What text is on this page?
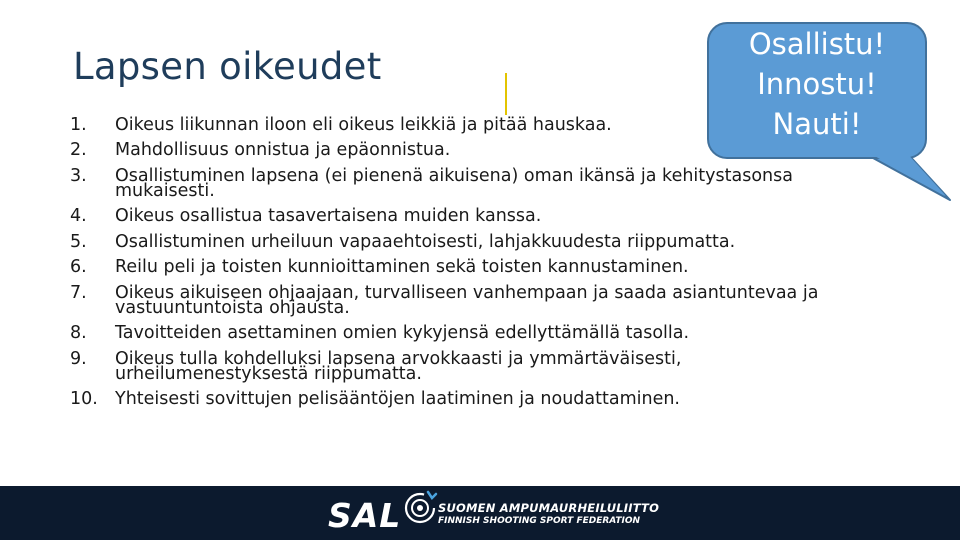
Lapsen oikeudet
Osallistu!
Innostu!
Nauti!
1.	Oikeus liikunnan iloon eli oikeus leikkiä ja pitää hauskaa.
2.	Mahdollisuus onnistua ja epäonnistua.
3.	Osallistuminen lapsena (ei pienenä aikuisena) oman ikänsä ja kehitystasonsa
mukaisesti.
4.	Oikeus osallistua tasavertaisena muiden kanssa.
5.	Osallistuminen urheiluun vapaaehtoisesti, lahjakkuudesta riippumatta.
6.	Reilu peli ja toisten kunnioittaminen sekä toisten kannustaminen.
7.	Oikeus aikuiseen ohjaajaan, turvalliseen vanhempaan ja saada asiantuntevaa ja
vastuuntuntoista ohjausta.
8.	Tavoitteiden asettaminen omien kykyjensä edellyttämällä tasolla.
9.	Oikeus tulla kohdelluksi lapsena arvokkaasti ja ymmärtäväisesti,
urheilumenestyksestä riippumatta.
10. Yhteisesti sovittujen pelisääntöjen laatiminen ja noudattaminen.
SAL	SUOMEN AMPUMAURHEILULIITTO
FINNISH SHOOTING SPORT FEDERATION
